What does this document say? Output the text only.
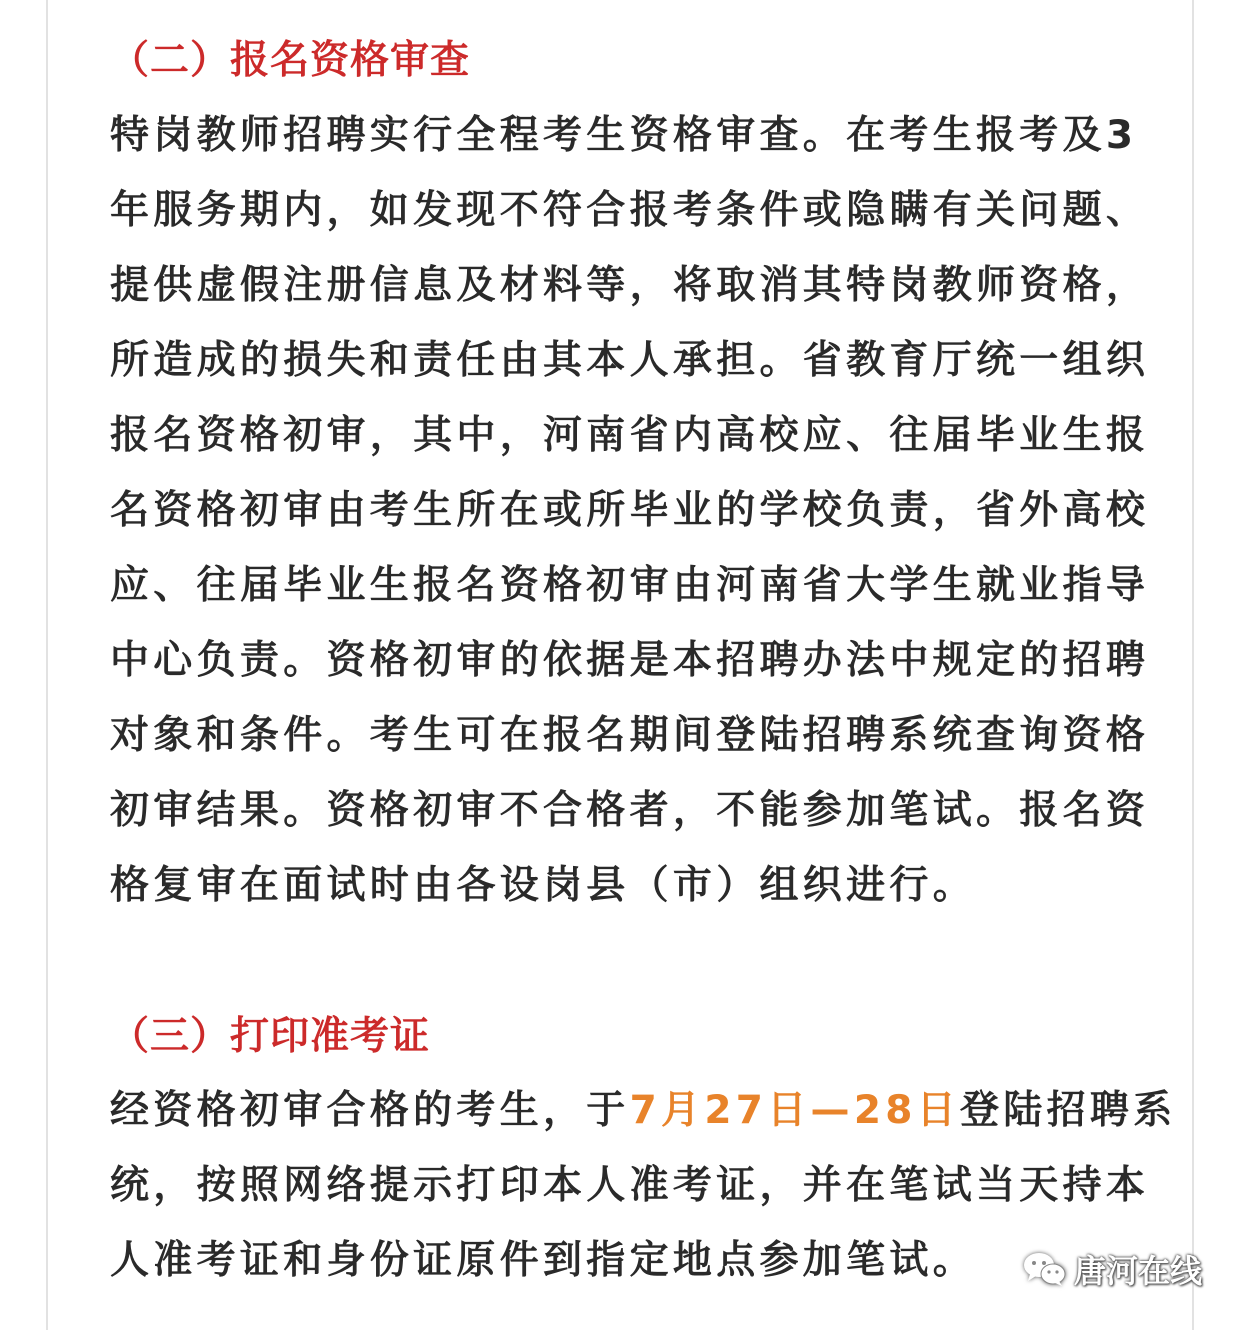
（二）报名资格审查
特岗教师招聘实行全程考生资格审查。在考生报考及3
年服务期内，如发现不符合报考条件或隐瞒有关问题、
提供虚假注册信息及材料等，将取消其特岗教师资格，
所造成的损失和责任由其本人承担。省教育厅统一组织
报名资格初审，其中，河南省内高校应、往届毕业生报
名资格初审由考生所在或所毕业的学校负责，省外高校
应、往届毕业生报名资格初审由河南省大学生就业指导
中心负责。资格初审的依据是本招聘办法中规定的招聘
对象和条件。考生可在报名期间登陆招聘系统查询资格
初审结果。资格初审不合格者，不能参加笔试。报名资
格复审在面试时由各设岗县（市）组织进行。
（三）打印准考证
经资格初审合格的考生，于7月27日—28日登陆招聘系
统，按照网络提示打印本人准考证，并在笔试当天持本
人准考证和身份证原件到指定地点参加笔试。	唐河在线
